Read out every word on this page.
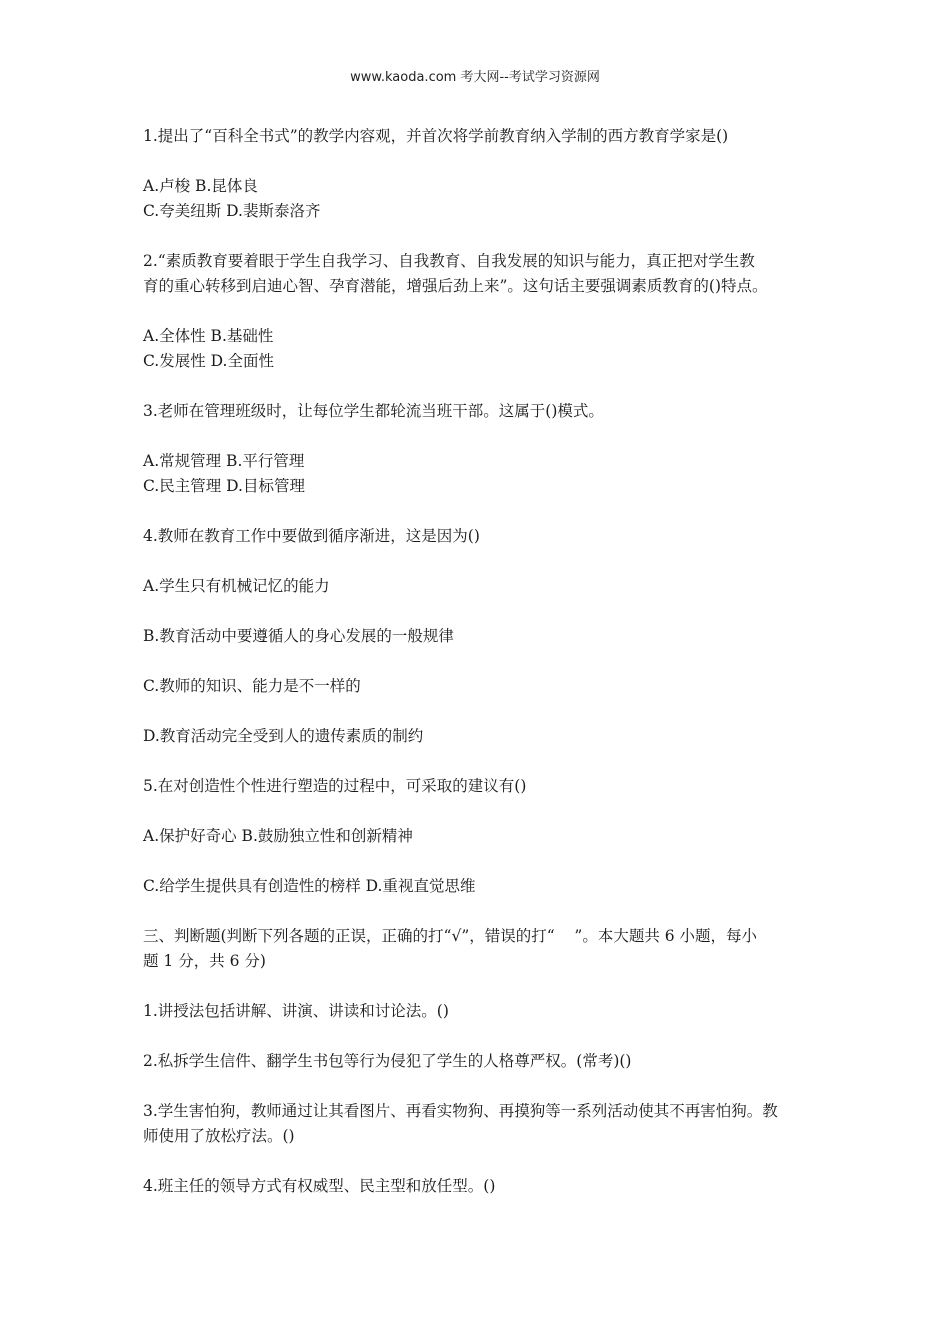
www.kaoda.com 考大网--考试学习资源网

1.提出了“百科全书式”的教学内容观，并首次将学前教育纳入学制的西方教育学家是()

A.卢梭 B.昆体良

C.夸美纽斯 D.裴斯泰洛齐

2.“素质教育要着眼于学生自我学习、自我教育、自我发展的知识与能力，真正把对学生教

育的重心转移到启迪心智、孕育潜能，增强后劲上来”。这句话主要强调素质教育的()特点。

A.全体性 B.基础性

C.发展性 D.全面性

3.老师在管理班级时，让每位学生都轮流当班干部。这属于()模式。

A.常规管理 B.平行管理

C.民主管理 D.目标管理

4.教师在教育工作中要做到循序渐进，这是因为()

A.学生只有机械记忆的能力

B.教育活动中要遵循人的身心发展的一般规律

C.教师的知识、能力是不一样的

D.教育活动完全受到人的遗传素质的制约

5.在对创造性个性进行塑造的过程中，可采取的建议有()

A.保护好奇心 B.鼓励独立性和创新精神

C.给学生提供具有创造性的榜样 D.重视直觉思维

三、判断题(判断下列各题的正误，正确的打“√”，错误的打“    ”。本大题共 6 小题，每小

题 1 分，共 6 分)

1.讲授法包括讲解、讲演、讲读和讨论法。()

2.私拆学生信件、翻学生书包等行为侵犯了学生的人格尊严权。(常考)()

3.学生害怕狗，教师通过让其看图片、再看实物狗、再摸狗等一系列活动使其不再害怕狗。教

师使用了放松疗法。()

4.班主任的领导方式有权威型、民主型和放任型。()
